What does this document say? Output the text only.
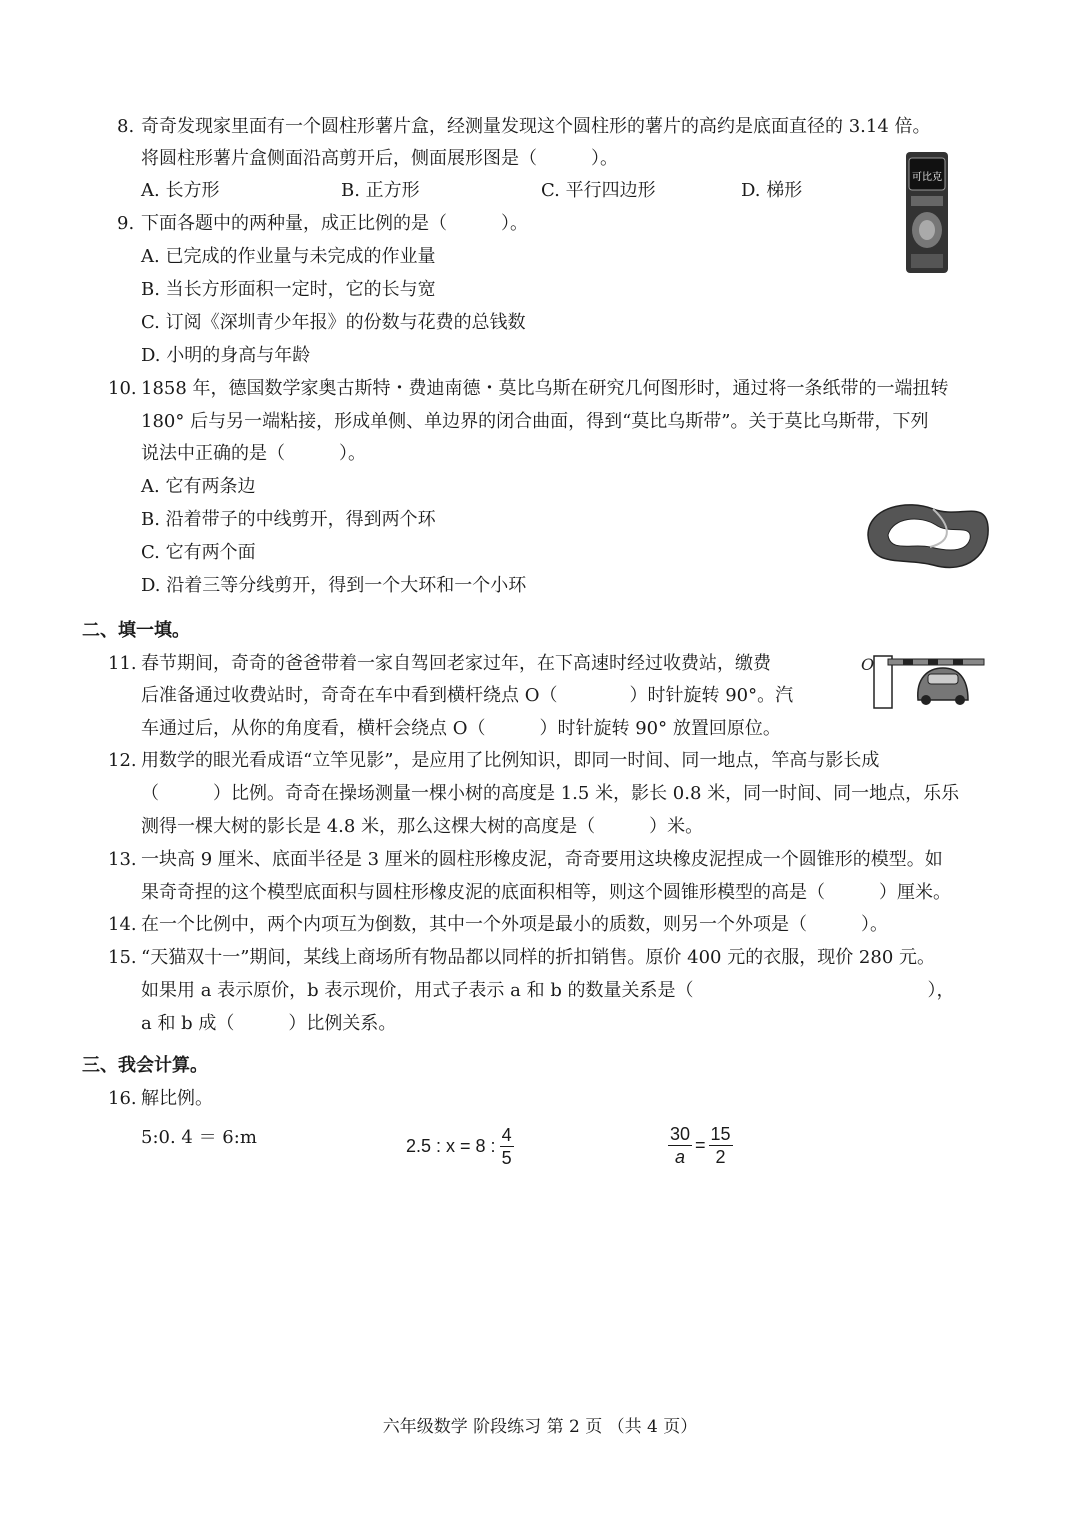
8. 奇奇发现家里面有一个圆柱形薯片盒，经测量发现这个圆柱形的薯片的高约是底面直径的 3.14 倍。
将圆柱形薯片盒侧面沿高剪开后，侧面展形图是（　　　）。
A. 长方形	B. 正方形	C. 平行四边形	D. 梯形
可比克
9. 下面各题中的两种量，成正比例的是（　　　）。
A. 已完成的作业量与未完成的作业量
B. 当长方形面积一定时，它的长与宽
C. 订阅《深圳青少年报》的份数与花费的总钱数
D. 小明的身高与年龄
10. 1858 年，德国数学家奥古斯特・费迪南德・莫比乌斯在研究几何图形时，通过将一条纸带的一端扭转
180° 后与另一端粘接，形成单侧、单边界的闭合曲面，得到“莫比乌斯带”。关于莫比乌斯带，下列
说法中正确的是（　　　）。
A. 它有两条边
B. 沿着带子的中线剪开，得到两个环
C. 它有两个面
D. 沿着三等分线剪开，得到一个大环和一个小环
二、填一填。
11. 春节期间，奇奇的爸爸带着一家自驾回老家过年，在下高速时经过收费站，缴费
后准备通过收费站时，奇奇在车中看到横杆绕点 O（　　　　）时针旋转 90°。汽
车通过后，从你的角度看，横杆会绕点 O（　　　）时针旋转 90° 放置回原位。
O
12. 用数学的眼光看成语“立竿见影”，是应用了比例知识，即同一时间、同一地点，竿高与影长成
（　　　）比例。奇奇在操场测量一棵小树的高度是 1.5 米，影长 0.8 米，同一时间、同一地点，乐乐
测得一棵大树的影长是 4.8 米，那么这棵大树的高度是（　　　）米。
13. 一块高 9 厘米、底面半径是 3 厘米的圆柱形橡皮泥，奇奇要用这块橡皮泥捏成一个圆锥形的模型。如
果奇奇捏的这个模型底面积与圆柱形橡皮泥的底面积相等，则这个圆锥形模型的高是（　　　）厘米。
14. 在一个比例中，两个内项互为倒数，其中一个外项是最小的质数，则另一个外项是（　　　）。
15. “天猫双十一”期间，某线上商场所有物品都以同样的折扣销售。原价 400 元的衣服，现价 280 元。
如果用 a 表示原价，b 表示现价，用式子表示 a 和 b 的数量关系是（　　　　　　　　　　　　　），
a 和 b 成（　　　）比例关系。
三、我会计算。
16. 解比例。
5:0. 4 ＝ 6:m	2.5 : x = 8 : $\frac{4}{5}$	$\frac{30}{a} = \frac{15}{2}$
六年级数学 阶段练习 第 2 页 （共 4 页）
